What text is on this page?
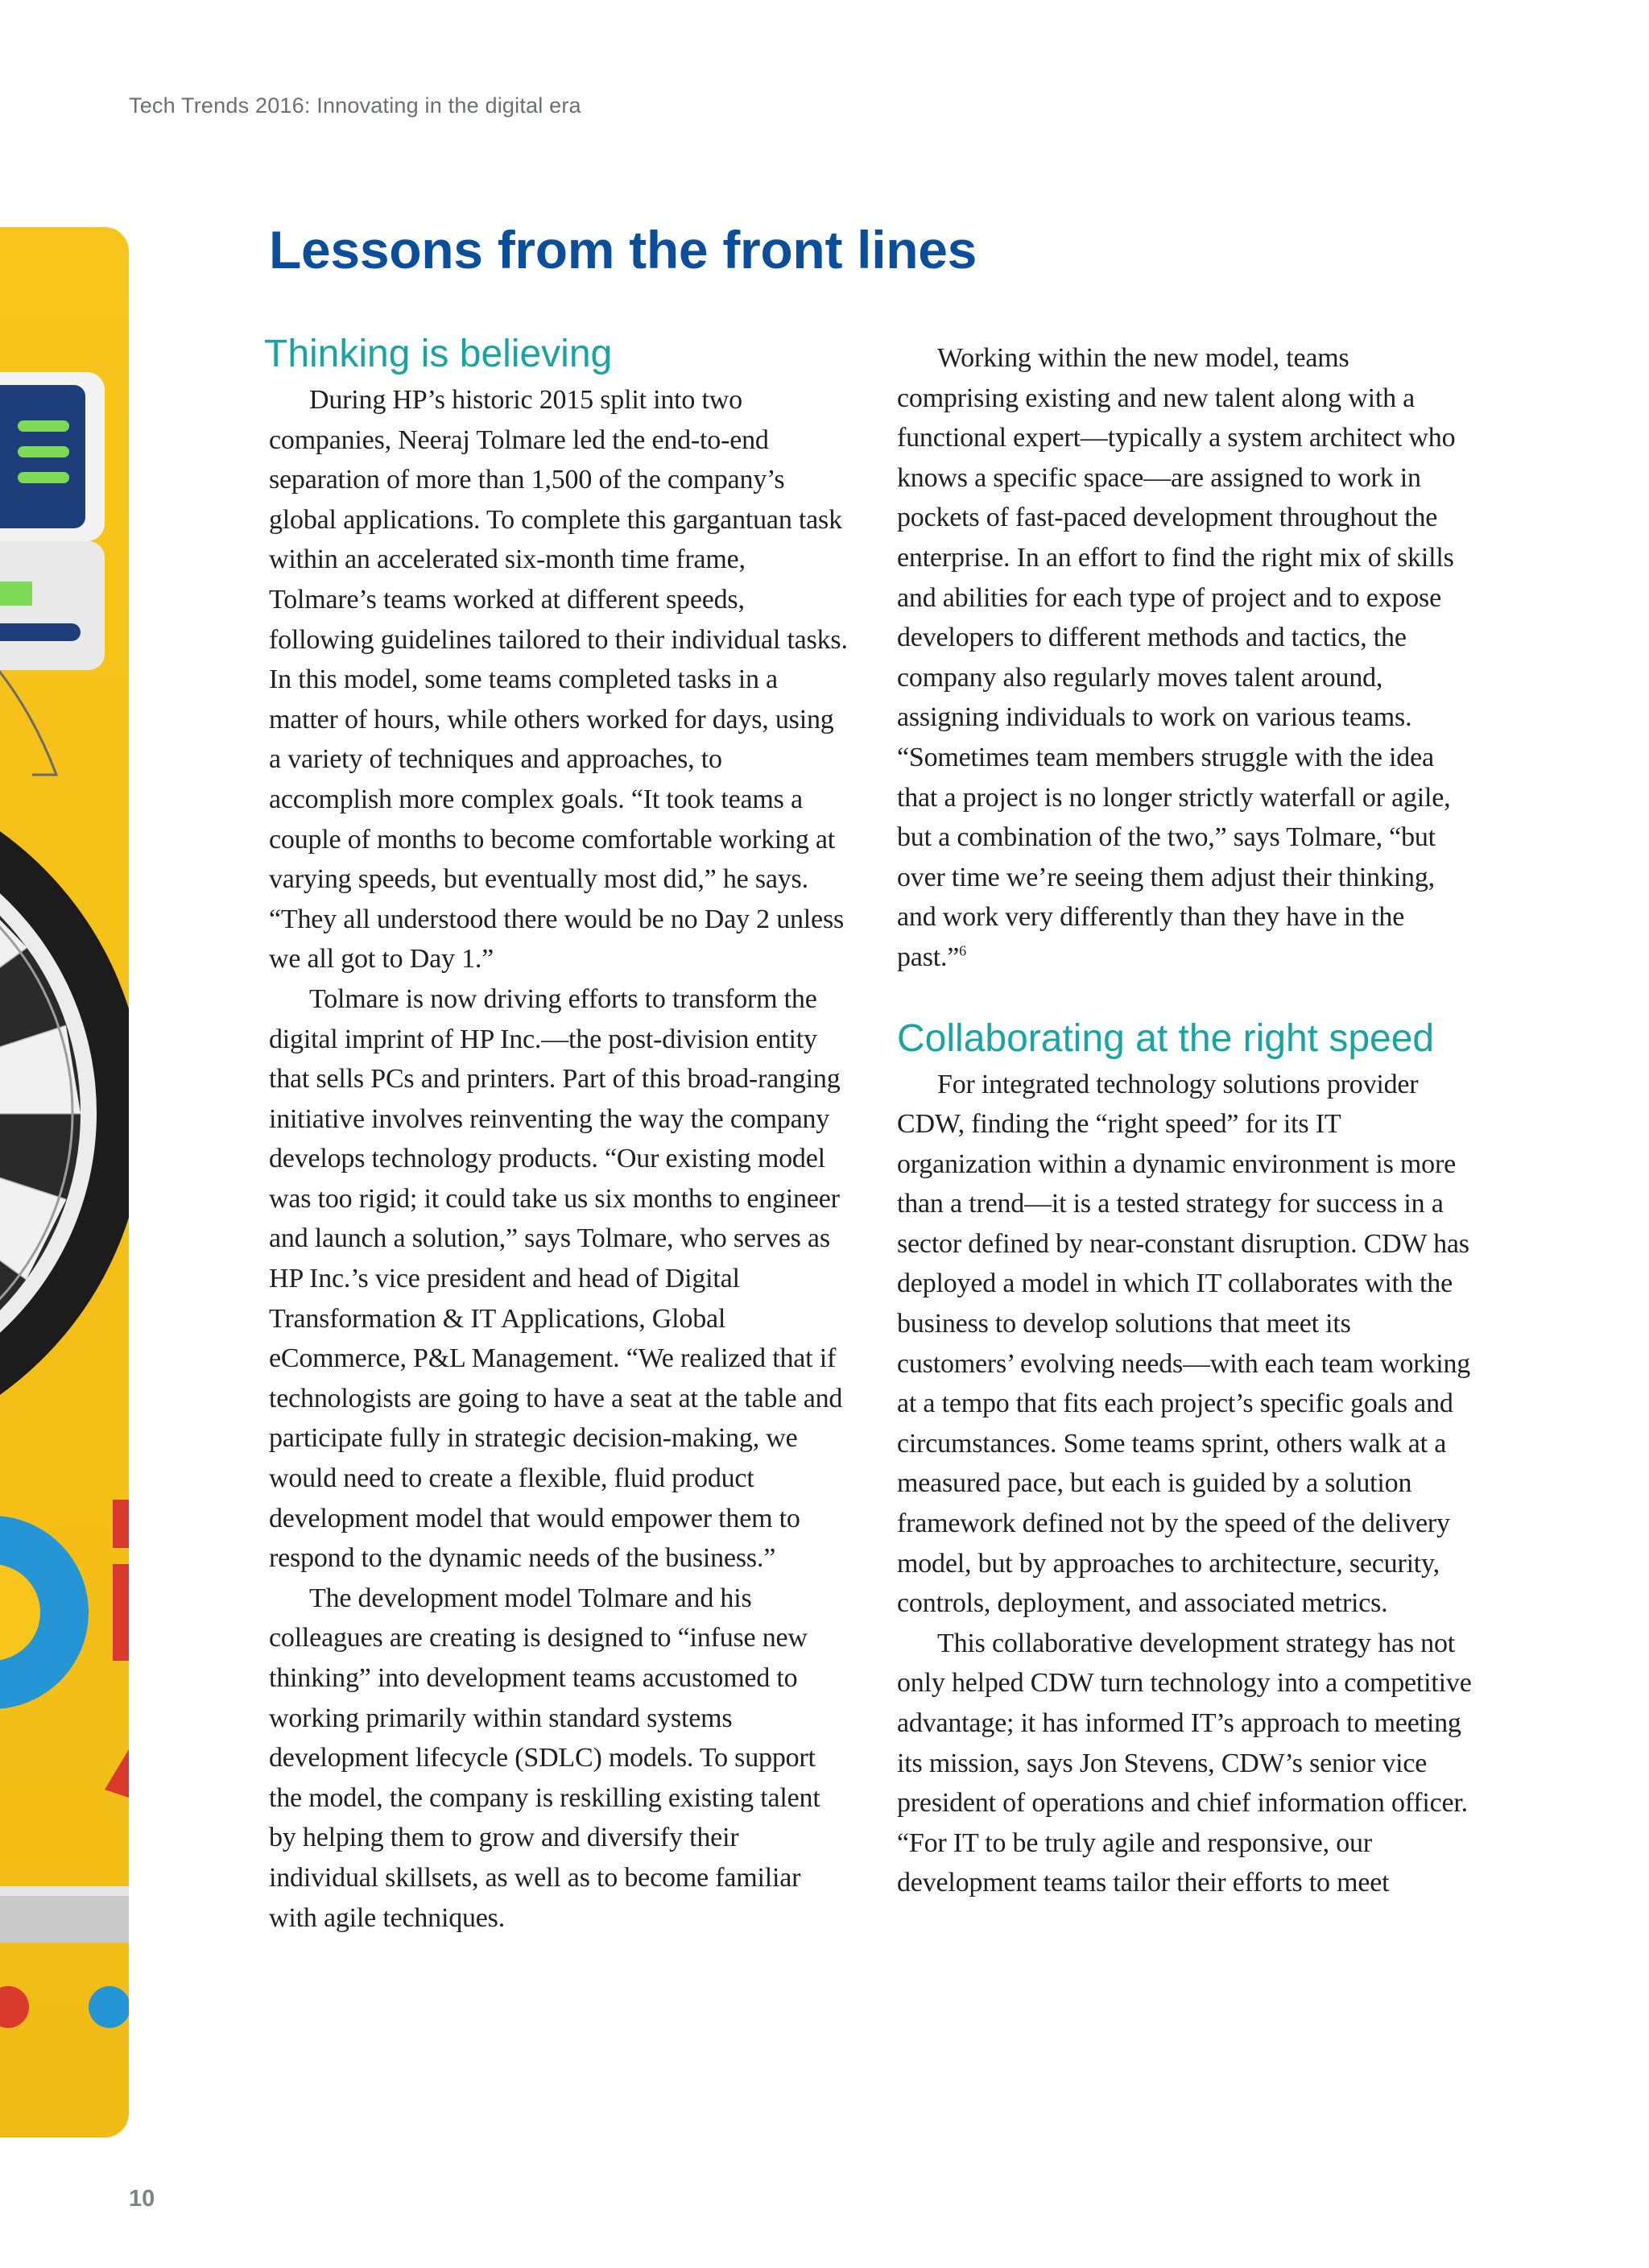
Tech Trends 2016: Innovating in the digital era
Lessons from the front lines
Thinking is believing

During HP’s historic 2015 split into two companies, Neeraj Tolmare led the end-to-end separation of more than 1,500 of the company’s global applications. To complete this gargantuan task within an accelerated six-month time frame, Tolmare’s teams worked at different speeds, following guidelines tailored to their individual tasks. In this model, some teams completed tasks in a matter of hours, while others worked for days, using a variety of techniques and approaches, to accomplish more complex goals. “It took teams a couple of months to become comfortable working at varying speeds, but eventually most did,” he says. “They all understood there would be no Day 2 unless we all got to Day 1.”

Tolmare is now driving efforts to transform the digital imprint of HP Inc.—the post-division entity that sells PCs and printers. Part of this broad-ranging initiative involves reinventing the way the company develops technology products. “Our existing model was too rigid; it could take us six months to engineer and launch a solution,” says Tolmare, who serves as HP Inc.’s vice president and head of Digital Transformation & IT Applications, Global eCommerce, P&L Management. “We realized that if technologists are going to have a seat at the table and participate fully in strategic decision-making, we would need to create a flexible, fluid product development model that would empower them to respond to the dynamic needs of the business.”

The development model Tolmare and his colleagues are creating is designed to “infuse new thinking” into development teams accustomed to working primarily within standard systems development lifecycle (SDLC) models. To support the model, the company is reskilling existing talent by helping them to grow and diversify their individual skillsets, as well as to become familiar with agile techniques.

Working within the new model, teams comprising existing and new talent along with a functional expert—typically a system architect who knows a specific space—are assigned to work in pockets of fast-paced development throughout the enterprise. In an effort to find the right mix of skills and abilities for each type of project and to expose developers to different methods and tactics, the company also regularly moves talent around, assigning individuals to work on various teams. “Sometimes team members struggle with the idea that a project is no longer strictly waterfall or agile, but a combination of the two,” says Tolmare, “but over time we’re seeing them adjust their thinking, and work very differently than they have in the past.”$^6$

Collaborating at the right speed

For integrated technology solutions provider CDW, finding the “right speed” for its IT organization within a dynamic environment is more than a trend—it is a tested strategy for success in a sector defined by near-constant disruption. CDW has deployed a model in which IT collaborates with the business to develop solutions that meet its customers’ evolving needs—with each team working at a tempo that fits each project’s specific goals and circumstances. Some teams sprint, others walk at a measured pace, but each is guided by a solution framework defined not by the speed of the delivery model, but by approaches to architecture, security, controls, deployment, and associated metrics.

This collaborative development strategy has not only helped CDW turn technology into a competitive advantage; it has informed IT’s approach to meeting its mission, says Jon Stevens, CDW’s senior vice president of operations and chief information officer. “For IT to be truly agile and responsive, our development teams tailor their efforts to meet

10
